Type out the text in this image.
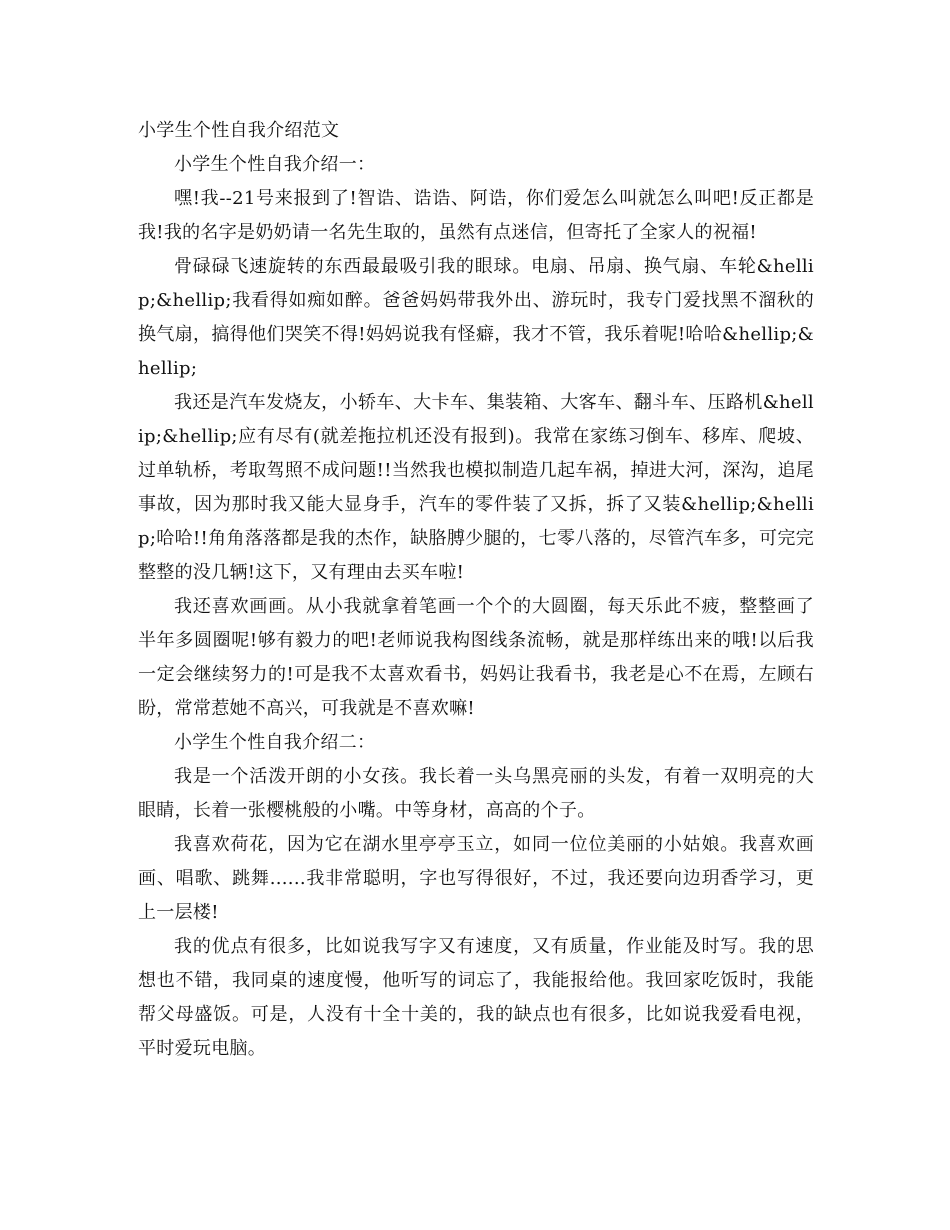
小学生个性自我介绍范文

小学生个性自我介绍一：

嘿!我--21号来报到了!智诰、诰诰、阿诰，你们爱怎么叫就怎么叫吧!反正都是我!我的名字是奶奶请一名先生取的，虽然有点迷信，但寄托了全家人的祝福!

骨碌碌飞速旋转的东西最最吸引我的眼球。电扇、吊扇、换气扇、车轮&hellip;&hellip;我看得如痴如醉。爸爸妈妈带我外出、游玩时，我专门爱找黑不溜秋的换气扇，搞得他们哭笑不得!妈妈说我有怪癖，我才不管，我乐着呢!哈哈&hellip;&hellip;

我还是汽车发烧友，小轿车、大卡车、集装箱、大客车、翻斗车、压路机&hellip;&hellip;应有尽有(就差拖拉机还没有报到)。我常在家练习倒车、移库、爬坡、过单轨桥，考取驾照不成问题!!当然我也模拟制造几起车祸，掉进大河，深沟，追尾事故，因为那时我又能大显身手，汽车的零件装了又拆，拆了又装&hellip;&hellip;哈哈!!角角落落都是我的杰作，缺胳膊少腿的，七零八落的，尽管汽车多，可完完整整的没几辆!这下，又有理由去买车啦!

我还喜欢画画。从小我就拿着笔画一个个的大圆圈，每天乐此不疲，整整画了半年多圆圈呢!够有毅力的吧!老师说我构图线条流畅，就是那样练出来的哦!以后我一定会继续努力的!可是我不太喜欢看书，妈妈让我看书，我老是心不在焉，左顾右盼，常常惹她不高兴，可我就是不喜欢嘛!

小学生个性自我介绍二：

我是一个活泼开朗的小女孩。我长着一头乌黑亮丽的头发，有着一双明亮的大眼睛，长着一张樱桃般的小嘴。中等身材，高高的个子。

我喜欢荷花，因为它在湖水里亭亭玉立，如同一位位美丽的小姑娘。我喜欢画画、唱歌、跳舞......我非常聪明，字也写得很好，不过，我还要向边玥香学习，更上一层楼!

我的优点有很多，比如说我写字又有速度，又有质量，作业能及时写。我的思想也不错，我同桌的速度慢，他听写的词忘了，我能报给他。我回家吃饭时，我能帮父母盛饭。可是，人没有十全十美的，我的缺点也有很多，比如说我爱看电视，平时爱玩电脑。
